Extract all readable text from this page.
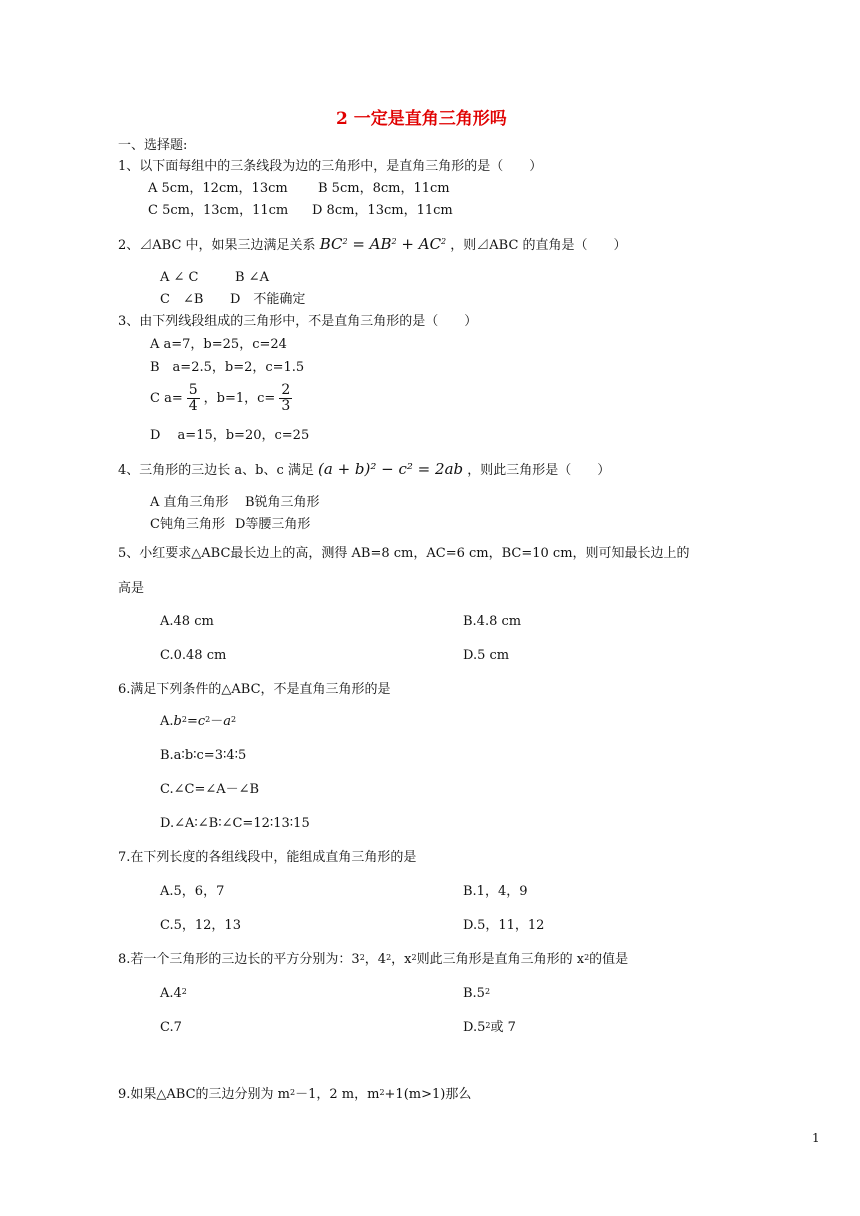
2 一定是直角三角形吗
一、选择题:
1、以下面每组中的三条线段为边的三角形中，是直角三角形的是（　　）
A 5cm，12cm，13cm B 5cm，8cm，11cm
C 5cm，13cm，11cm D 8cm，13cm，11cm
2、⊿ABC 中，如果三边满足关系 $BC^2 = AB^2 + AC^2$ ，则⊿ABC 的直角是（　　）
A ∠ C	B ∠A
C　∠B D　不能确定
3、由下列线段组成的三角形中，不是直角三角形的是（　　）
A a=7，b=25，c=24
B　a=2.5，b=2，c=1.5
C $a= \frac{5}{4}$ ，b=1，$c= \frac{2}{3}$
D　 a=15，b=20，c=25
4、三角形的三边长 a、b、c 满足 (a + b)² − c² = 2ab ，则此三角形是（　　）
A 直角三角形 B锐角三角形
C钝角三角形 D等腰三角形
5、小红要求△ABC最长边上的高，测得 AB=8 cm，AC=6 cm，BC=10 cm，则可知最长边上的
高是
A.48 cm	B.4.8 cm
C.0.48 cm	D.5 cm
6.满足下列条件的△ABC，不是直角三角形的是
$A.b^2=c^2-a^2$
B.a∶b∶c=3∶4∶5
C.∠C=∠A－∠B
D.∠A∶∠B∶∠C=12∶13∶15
7.在下列长度的各组线段中，能组成直角三角形的是
A.5，6，7	B.1，4，9
C.5，12，13	D.5，11，12
8.若一个三角形的三边长的平方分别为：$3^2$，$4^2$，$x^2$则此三角形是直角三角形的 $x^2$的值是
$A.4^2$	$B.5^2$
C.7	$D.5^2$或 7
9.如果△ABC的三边分别为 $m^2-1$，2 m，$m^2+1(m>1)$那么
1
